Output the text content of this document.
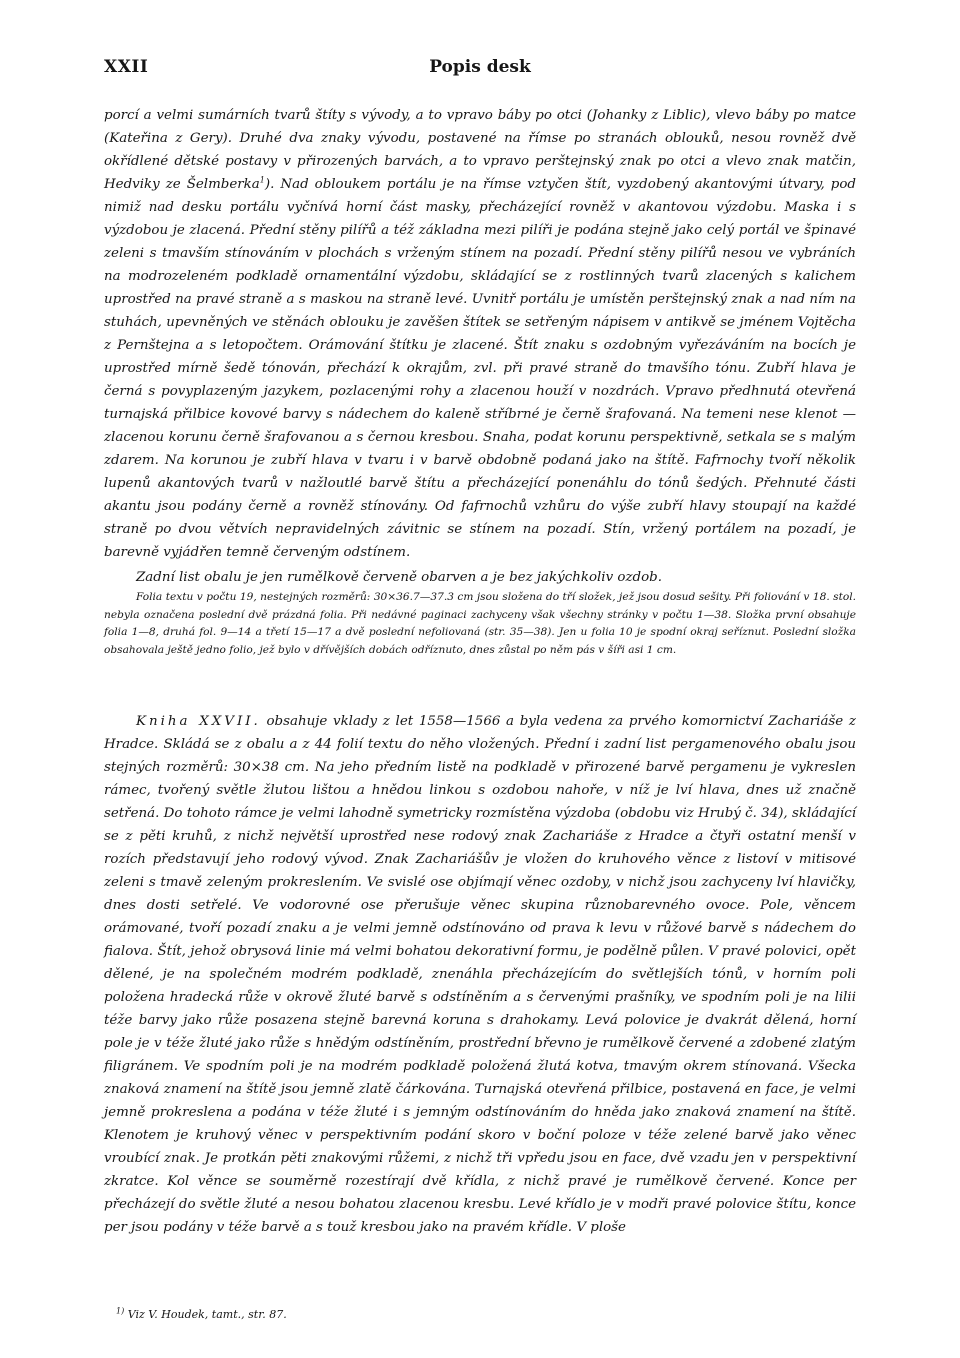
XXII	Popis desk

porcí a velmi sumárních tvarů štíty s vývody, a to vpravo báby po otci (Johanky z Liblic), vlevo báby po matce (Kateřina z Gery). Druhé dva znaky vývodu, postavené na římse po stranách oblouků, nesou rovněž dvě okřídlené dětské postavy v přirozených barvách, a to vpravo perštejnský znak po otci a vlevo znak matčin, Hedviky ze Šelmberka$^1$). Nad obloukem portálu je na římse vztyčen štít, vyzdobený akantovými útvary, pod nimiž nad desku portálu vyčnívá horní část masky, přecházející rovněž v akantovou výzdobu. Maska i s výzdobou je zlacená. Přední stěny pilířů a též základna mezi pilíři je podána stejně jako celý portál ve špinavé zeleni s tmavším stínováním v plochách s vrženým stínem na pozadí. Přední stěny pilířů nesou ve vybráních na modrozeleném podkladě ornamentální výzdobu, skládající se z rostlinných tvarů zlacených s kalichem uprostřed na pravé straně a s maskou na straně levé. Uvnitř portálu je umístěn perštejnský znak a nad ním na stuhách, upevněných ve stěnách oblouku je zavěšen štítek se setřeným nápisem v antikvě se jménem Vojtěcha z Pernštejna a s letopočtem. Orámování štítku je zlacené. Štít znaku s ozdobným vyřezáváním na bocích je uprostřed mírně šedě tónován, přechází k okrajům, zvl. při pravé straně do tmavšího tónu. Zubří hlava je černá s povyplazeným jazykem, pozlacenými rohy a zlacenou houží v nozdrách. Vpravo předhnutá otevřená turnajská přilbice kovové barvy s nádechem do kaleně stříbrné je černě šrafovaná. Na temeni nese klenot — zlacenou korunu černě šrafovanou a s černou kresbou. Snaha, podat korunu perspektivně, setkala se s malým zdarem. Na korunou je zubří hlava v tvaru i v barvě obdobně podaná jako na štítě. Fafrnochy tvoří několik lupenů akantových tvarů v nažloutlé barvě štítu a přecházející ponenáhlu do tónů šedých. Přehnuté části akantu jsou podány černě a rovněž stínovány. Od fafrnochů vzhůru do výše zubří hlavy stoupají na každé straně po dvou větvích nepravidelných závitnic se stínem na pozadí. Stín, vržený portálem na pozadí, je barevně vyjádřen temně červeným odstínem.

Zadní list obalu je jen rumělkově červeně obarven a je bez jakýchkoliv ozdob.

Folia textu v počtu 19, nestejných rozměrů: 30×36.7—37.3 cm jsou složena do tří složek, jež jsou dosud sešity. Při foliování v 18. stol. nebyla označena poslední dvě prázdná folia. Při nedávné paginaci zachyceny však všechny stránky v počtu 1—38. Složka první obsahuje folia 1—8, druhá fol. 9—14 a třetí 15—17 a dvě poslední nefoliovaná (str. 35—38). Jen u folia 10 je spodní okraj seříznut. Poslední složka obsahovala ještě jedno folio, jež bylo v dřívějších dobách odříznuto, dnes zůstal po něm pás v šíři asi 1 cm.

Kniha XXVII. obsahuje vklady z let 1558—1566 a byla vedena za prvého komornictví Zachariáše z Hradce. Skládá se z obalu a z 44 folií textu do něho vložených. Přední i zadní list pergamenového obalu jsou stejných rozměrů: 30×38 cm. Na jeho předním listě na podkladě v přirozené barvě pergamenu je vykreslen rámec, tvořený světle žlutou lištou a hnědou linkou s ozdobou nahoře, v níž je lví hlava, dnes už značně setřená. Do tohoto rámce je velmi lahodně symetricky rozmístěna výzdoba (obdobu viz Hrubý č. 34), skládající se z pěti kruhů, z nichž největší uprostřed nese rodový znak Zachariáše z Hradce a čtyři ostatní menší v rozích představují jeho rodový vývod. Znak Zachariášův je vložen do kruhového věnce z listoví v mitisové zeleni s tmavě zeleným prokreslením. Ve svislé ose objímají věnec ozdoby, v nichž jsou zachyceny lví hlavičky, dnes dosti setřelé. Ve vodorovné ose přerušuje věnec skupina různobarevného ovoce. Pole, věncem orámované, tvoří pozadí znaku a je velmi jemně odstínováno od prava k levu v růžové barvě s nádechem do fialova. Štít, jehož obrysová linie má velmi bohatou dekorativní formu, je podělně půlen. V pravé polovici, opět dělené, je na společném modrém podkladě, znenáhla přecházejícím do světlejších tónů, v horním poli položena hradecká růže v okrově žluté barvě s odstíněním a s červenými prašníky, ve spodním poli je na lilii téže barvy jako růže posazena stejně barevná koruna s drahokamy. Levá polovice je dvakrát dělená, horní pole je v téže žluté jako růže s hnědým odstíněním, prostřední břevno je rumělkově červené a zdobené zlatým filigránem. Ve spodním poli je na modrém podkladě položená žlutá kotva, tmavým okrem stínovaná. Všecka znaková znamení na štítě jsou jemně zlatě čárkována. Turnajská otevřená přilbice, postavená en face, je velmi jemně prokreslena a podána v téže žluté i s jemným odstínováním do hněda jako znaková znamení na štítě. Klenotem je kruhový věnec v perspektivním podání skoro v boční poloze v téže zelené barvě jako věnec vroubící znak. Je protkán pěti znakovými růžemi, z nichž tři vpředu jsou en face, dvě vzadu jen v perspektivní zkratce. Kol věnce se souměrně rozestírají dvě křídla, z nichž pravé je rumělkově červené. Konce per přecházejí do světle žluté a nesou bohatou zlacenou kresbu. Levé křídlo je v modři pravé polovice štítu, konce per jsou podány v téže barvě a s touž kresbou jako na pravém křídle. V ploše

$^{1)}$ Viz V. Houdek, tamt., str. 87.
